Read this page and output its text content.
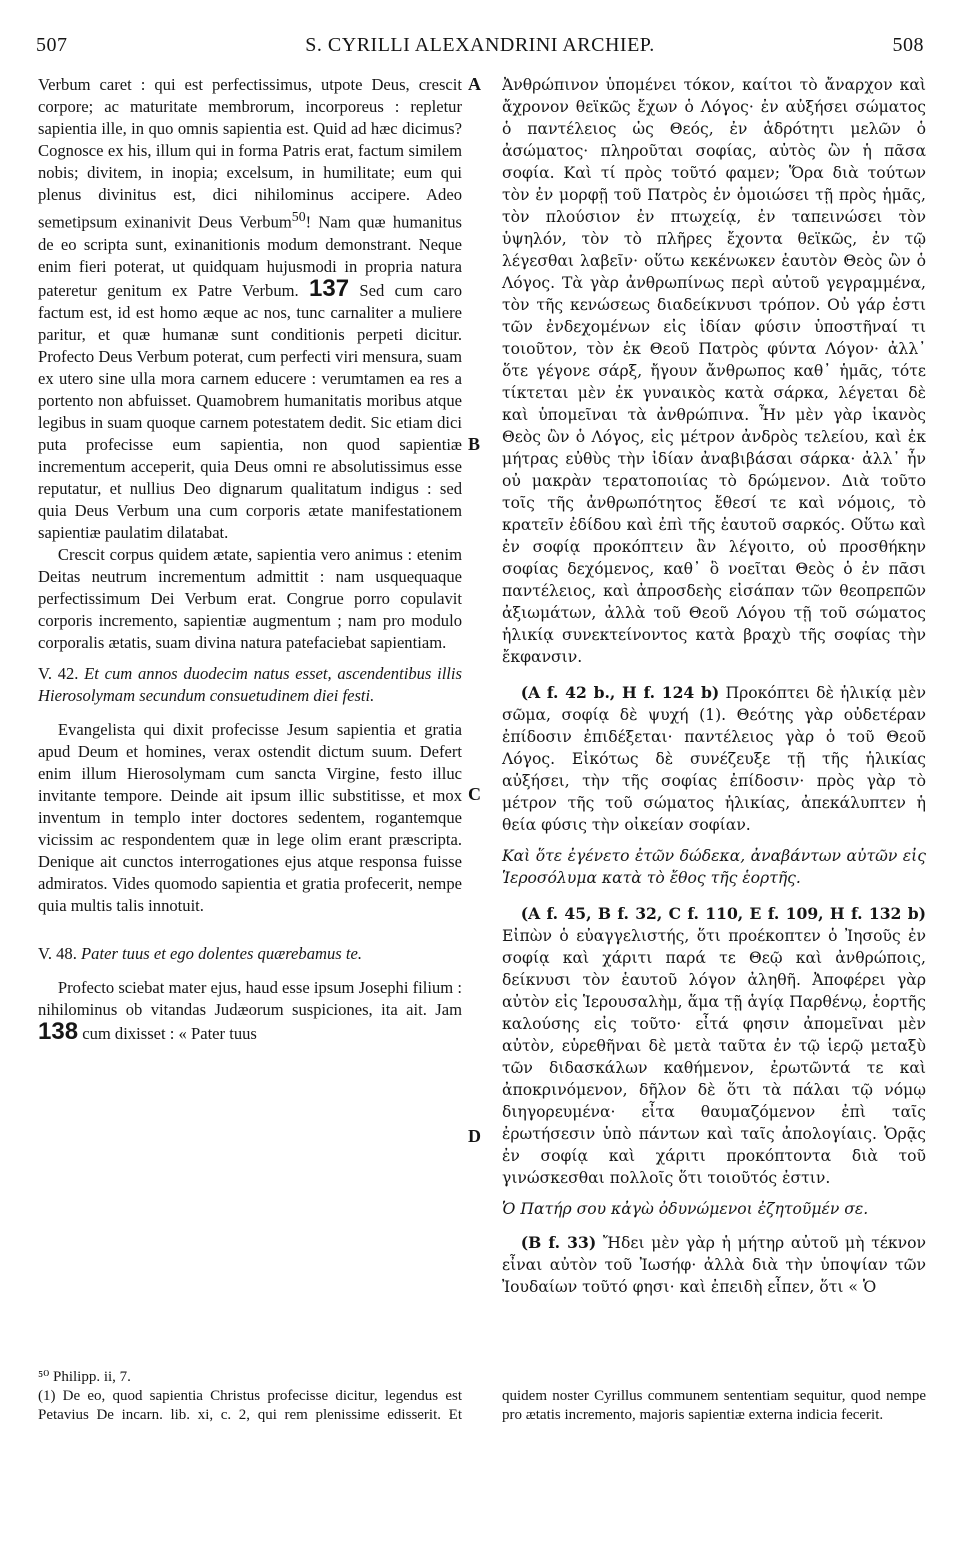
507	S. CYRILLI ALEXANDRINI ARCHIEP.	508
A
B
C
D

Verbum caret : qui est perfectissimus, utpote Deus, crescit corpore; ac maturitate membrorum, incorporeus : repletur sapientia ille, in quo omnis sapientia est. Quid ad hæc dicimus? Cognosce ex his, illum qui in forma Patris erat, factum similem nobis; divitem, in inopia; excelsum, in humilitate; eum qui plenus divinitus est, dici nihilominus accipere. Adeo semetipsum exinanivit Deus Verbum$^{50}$! Nam quæ humanitus de eo scripta sunt, exinanitionis modum demonstrant. Neque enim fieri poterat, ut quidquam hujusmodi in propria natura pateretur genitum ex Patre Verbum. 137 Sed cum caro factum est, id est homo æque ac nos, tunc carnaliter a muliere paritur, et quæ humanæ sunt conditionis perpeti dicitur. Profecto Deus Verbum poterat, cum perfecti viri mensura, suam ex utero sine ulla mora carnem educere : verumtamen ea res a portento non abfuisset. Quamobrem humanitatis moribus atque legibus in suam quoque carnem potestatem dedit. Sic etiam dici puta profecisse eum sapientia, non quod sapientiæ incrementum acceperit, quia Deus omni re absolutissimus esse reputatur, et nullius Deo dignarum qualitatum indigus : sed quia Deus Verbum una cum corporis ætate manifestationem sapientiæ paulatim dilatabat.

Crescit corpus quidem ætate, sapientia vero animus : etenim Deitas neutrum incrementum admittit : nam usquequaque perfectissimum Dei Verbum erat. Congrue porro copulavit corporis incremento, sapientiæ augmentum ; nam pro modulo corporalis ætatis, suam divina natura patefaciebat sapientiam.

V. 42. Et cum annos duodecim natus esset, ascendentibus illis Hierosolymam secundum consuetudinem diei festi.

Evangelista qui dixit profecisse Jesum sapientia et gratia apud Deum et homines, verax ostendit dictum suum. Defert enim illum Hierosolymam cum sancta Virgine, festo illuc invitante tempore. Deinde ait ipsum illic substitisse, et mox inventum in templo inter doctores sedentem, rogantemque vicissim ac respondentem quæ in lege olim erant præscripta. Denique ait cunctos interrogationes ejus atque responsa fuisse admiratos. Vides quomodo sapientia et gratia profecerit, nempe quia multis talis innotuit.

V. 48. Pater tuus et ego dolentes quærebamus te.

Profecto sciebat mater ejus, haud esse ipsum Josephi filium : nihilominus ob vitandas Judæorum suspiciones, ita ait. Jam 138 cum dixisset : « Pater tuus

Ἀνθρώπινον ὑπομένει τόκον, καίτοι τὸ ἄναρχον καὶ ἄχρονον θεϊκῶς ἔχων ὁ Λόγος· ἐν αὐξήσει σώματος ὁ παντέλειος ὡς Θεός, ἐν ἁδρότητι μελῶν ὁ ἀσώματος· πληροῦται σοφίας, αὐτὸς ὢν ἡ πᾶσα σοφία. Καὶ τί πρὸς τοῦτό φαμεν; Ὅρα διὰ τούτων τὸν ἐν μορφῇ τοῦ Πατρὸς ἐν ὁμοιώσει τῇ πρὸς ἡμᾶς, τὸν πλούσιον ἐν πτωχείᾳ, ἐν ταπεινώσει τὸν ὑψηλόν, τὸν τὸ πλῆρες ἔχοντα θεϊκῶς, ἐν τῷ λέγεσθαι λαβεῖν· οὕτω κεκένωκεν ἑαυτὸν Θεὸς ὢν ὁ Λόγος. Τὰ γὰρ ἀνθρωπίνως περὶ αὐτοῦ γεγραμμένα, τὸν τῆς κενώσεως διαδείκνυσι τρόπον. Οὐ γάρ ἐστι τῶν ἐνδεχομένων εἰς ἰδίαν φύσιν ὑποστῆναί τι τοιοῦτον, τὸν ἐκ Θεοῦ Πατρὸς φύντα Λόγον· ἀλλ᾽ ὅτε γέγονε σάρξ, ἤγουν ἄνθρωπος καθ᾽ ἡμᾶς, τότε τίκτεται μὲν ἐκ γυναικὸς κατὰ σάρκα, λέγεται δὲ καὶ ὑπομεῖναι τὰ ἀνθρώπινα. Ἦν μὲν γὰρ ἱκανὸς Θεὸς ὢν ὁ Λόγος, εἰς μέτρον ἀνδρὸς τελείου, καὶ ἐκ μήτρας εὐθὺς τὴν ἰδίαν ἀναβιβάσαι σάρκα· ἀλλ᾽ ἦν οὐ μακρὰν τερατοποιίας τὸ δρώμενον. Διὰ τοῦτο τοῖς τῆς ἀνθρωπότητος ἔθεσί τε καὶ νόμοις, τὸ κρατεῖν ἐδίδου καὶ ἐπὶ τῆς ἑαυτοῦ σαρκός. Οὕτω καὶ ἐν σοφίᾳ προκόπτειν ἂν λέγοιτο, οὐ προσθήκην σοφίας δεχόμενος, καθ᾽ ὃ νοεῖται Θεὸς ὁ ἐν πᾶσι παντέλειος, καὶ ἀπροσδεὴς εἰσάπαν τῶν θεοπρεπῶν ἀξιωμάτων, ἀλλὰ τοῦ Θεοῦ Λόγου τῇ τοῦ σώματος ἡλικίᾳ συνεκτείνοντος κατὰ βραχὺ τῆς σοφίας τὴν ἔκφανσιν.

(A f. 42 b., H f. 124 b) Προκόπτει δὲ ἡλικίᾳ μὲν σῶμα, σοφίᾳ δὲ ψυχή (1). Θεότης γὰρ οὐδετέραν ἐπίδοσιν ἐπιδέξεται· παντέλειος γὰρ ὁ τοῦ Θεοῦ Λόγος. Εἰκότως δὲ συνέζευξε τῇ τῆς ἡλικίας αὐξήσει, τὴν τῆς σοφίας ἐπίδοσιν· πρὸς γὰρ τὸ μέτρον τῆς τοῦ σώματος ἡλικίας, ἀπεκάλυπτεν ἡ θεία φύσις τὴν οἰκείαν σοφίαν.

Καὶ ὅτε ἐγένετο ἐτῶν δώδεκα, ἀναβάντων αὐτῶν εἰς Ἱεροσόλυμα κατὰ τὸ ἔθος τῆς ἑορτῆς.

(A f. 45, B f. 32, C f. 110, E f. 109, H f. 132 b) Εἰπὼν ὁ εὐαγγελιστής, ὅτι προέκοπτεν ὁ Ἰησοῦς ἐν σοφίᾳ καὶ χάριτι παρά τε Θεῷ καὶ ἀνθρώποις, δείκνυσι τὸν ἑαυτοῦ λόγον ἀληθῆ. Ἀποφέρει γὰρ αὐτὸν εἰς Ἱερουσαλὴμ, ἅμα τῇ ἁγίᾳ Παρθένῳ, ἑορτῆς καλούσης εἰς τοῦτο· εἶτά φησιν ἀπομεῖναι μὲν αὐτὸν, εὑρεθῆναι δὲ μετὰ ταῦτα ἐν τῷ ἱερῷ μεταξὺ τῶν διδασκάλων καθήμενον, ἐρωτῶντά τε καὶ ἀποκρινόμενον, δῆλον δὲ ὅτι τὰ πάλαι τῷ νόμῳ διηγορευμένα· εἶτα θαυμαζόμενον ἐπὶ ταῖς ἐρωτήσεσιν ὑπὸ πάντων καὶ ταῖς ἀπολογίαις. Ὁρᾷς ἐν σοφίᾳ καὶ χάριτι προκόπτοντα διὰ τοῦ γινώσκεσθαι πολλοῖς ὅτι τοιοῦτός ἐστιν.

Ὁ Πατήρ σου κἀγὼ ὀδυνώμενοι ἐζητοῦμέν σε.

(B f. 33) Ἤδει μὲν γὰρ ἡ μήτηρ αὐτοῦ μὴ τέκνον εἶναι αὐτὸν τοῦ Ἰωσήφ· ἀλλὰ διὰ τὴν ὑποψίαν τῶν Ἰουδαίων τοῦτό φησι· καὶ ἐπειδὴ εἶπεν, ὅτι « Ὁ

⁵⁰ Philipp. ii, 7.

(1) De eo, quod sapientia Christus profecisse dicitur, legendus est Petavius De incarn. lib. xi, c. 2, qui rem plenissime edisserit. Et quidem noster Cyrillus communem sententiam sequitur, quod nempe pro ætatis incremento, majoris sapientiæ externa indicia fecerit.
